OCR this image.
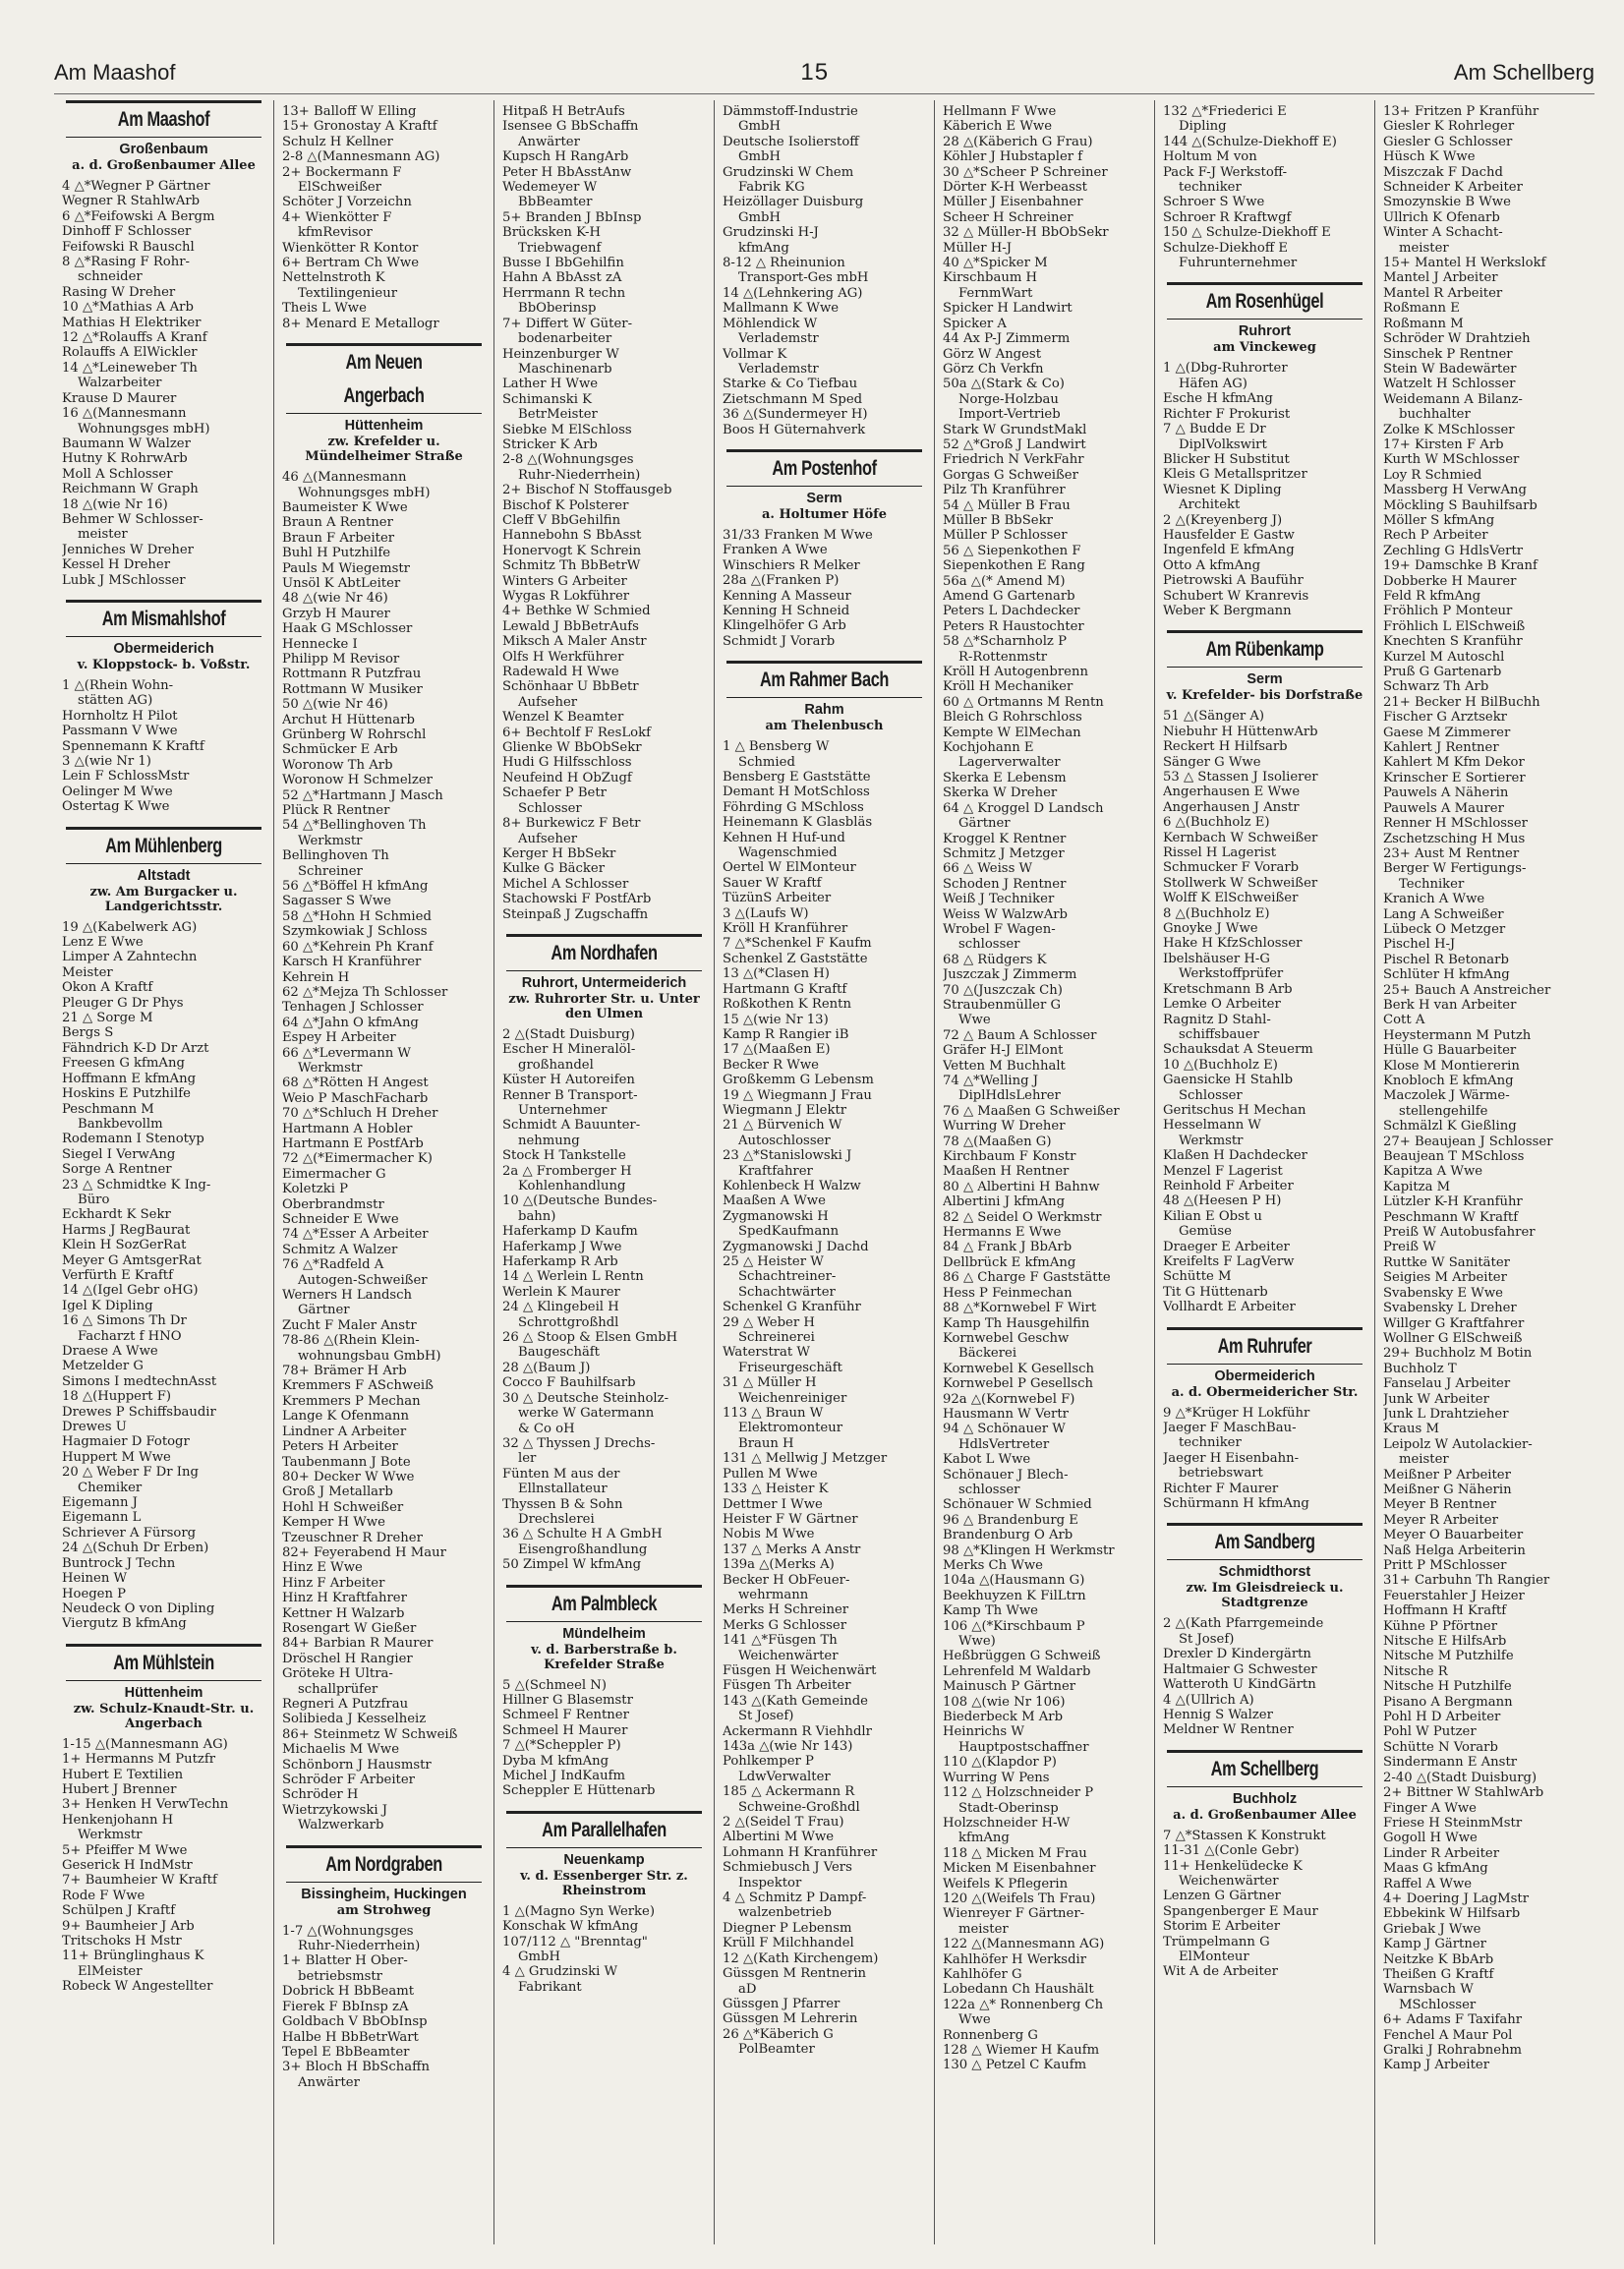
Am Maashof	15	Am Schellberg
Am Maashof
Großenbaum
a. d. Großenbaumer Allee
4 △*Wegner P Gärtner
Wegner R StahlwArb
6 △*Feifowski A Bergm
Dinhoff F Schlosser
Feifowski R Bauschl
8 △*Rasing F Rohr-
schneider
Rasing W Dreher
10 △*Mathias A Arb
Mathias H Elektriker
12 △*Rolauffs A Kranf
Rolauffs A ElWickler
14 △*Leineweber Th
Walzarbeiter
Krause D Maurer
16 △(Mannesmann
Wohnungsges mbH)
Baumann W Walzer
Hutny K RohrwArb
Moll A Schlosser
Reichmann W Graph
18 △(wie Nr 16)
Behmer W Schlosser-
meister
Jenniches W Dreher
Kessel H Dreher
Lubk J MSchlosser
Am Mismahlshof
Obermeiderich
v. Kloppstock- b. Voßstr.
1 △(Rhein Wohn-
stätten AG)
Hornholtz H Pilot
Passmann V Wwe
Spennemann K Kraftf
3 △(wie Nr 1)
Lein F SchlossMstr
Oelinger M Wwe
Ostertag K Wwe
Am Mühlenberg
Altstadt
zw. Am Burgacker u. Landgerichtsstr.
19 △(Kabelwerk AG)
Lenz E Wwe
Limper A Zahntechn
Meister
Okon A Kraftf
Pleuger G Dr Phys
21 △ Sorge M
Bergs S
Fähndrich K-D Dr Arzt
Freesen G kfmAng
Hoffmann E kfmAng
Hoskins E Putzhilfe
Peschmann M
Bankbevollm
Rodemann I Stenotyp
Siegel I VerwAng
Sorge A Rentner
23 △ Schmidtke K Ing-
Büro
Eckhardt K Sekr
Harms J RegBaurat
Klein H SozGerRat
Meyer G AmtsgerRat
Verfürth E Kraftf
14 △(Igel Gebr oHG)
Igel K Dipling
16 △ Simons Th Dr
Facharzt f HNO
Draese A Wwe
Metzelder G
Simons I medtechnAsst
18 △(Huppert F)
Drewes P Schiffsbaudir
Drewes U
Hagmaier D Fotogr
Huppert M Wwe
20 △ Weber F Dr Ing
Chemiker
Eigemann J
Eigemann L
Schriever A Fürsorg
24 △(Schuh Dr Erben)
Buntrock J Techn
Heinen W
Hoegen P
Neudeck O von Dipling
Viergutz B kfmAng
Am Mühlstein
Hüttenheim
zw. Schulz-Knaudt-Str. u. Angerbach
1-15 △(Mannesmann AG)
1+ Hermanns M Putzfr
Hubert E Textilien
Hubert J Brenner
3+ Henken H VerwTechn
Henkenjohann H
Werkmstr
5+ Pfeiffer M Wwe
Geserick H IndMstr
7+ Baumheier W Kraftf
Rode F Wwe
Schülpen J Kraftf
9+ Baumheier J Arb
Tritschoks H Mstr
11+ Brünglinghaus K
ElMeister
Robeck W Angestellter
13+ Balloff W Elling
15+ Gronostay A Kraftf
Schulz H Kellner
2-8 △(Mannesmann AG)
2+ Bockermann F
ElSchweißer
Schöter J Vorzeichn
4+ Wienkötter F
kfmRevisor
Wienkötter R Kontor
6+ Bertram Ch Wwe
Nettelnstroth K
Textilingenieur
Theis L Wwe
8+ Menard E Metallogr
Am Neuen Angerbach
Hüttenheim
zw. Krefelder u. Mündelheimer Straße
46 △(Mannesmann
Wohnungsges mbH)
Baumeister K Wwe
Braun A Rentner
Braun F Arbeiter
Buhl H Putzhilfe
Pauls M Wiegemstr
Unsöl K AbtLeiter
48 △(wie Nr 46)
Grzyb H Maurer
Haak G MSchlosser
Hennecke I
Philipp M Revisor
Rottmann R Putzfrau
Rottmann W Musiker
50 △(wie Nr 46)
Archut H Hüttenarb
Grünberg W Rohrschl
Schmücker E Arb
Woronow Th Arb
Woronow H Schmelzer
52 △*Hartmann J Masch
Plück R Rentner
54 △*Bellinghoven Th
Werkmstr
Bellinghoven Th
Schreiner
56 △*Böffel H kfmAng
Sagasser S Wwe
58 △*Hohn H Schmied
Szymkowiak J Schloss
60 △*Kehrein Ph Kranf
Karsch H Kranführer
Kehrein H
62 △*Mejza Th Schlosser
Tenhagen J Schlosser
64 △*Jahn O kfmAng
Espey H Arbeiter
66 △*Levermann W
Werkmstr
68 △*Rötten H Angest
Weio P MaschFacharb
70 △*Schluch H Dreher
Hartmann A Hobler
Hartmann E PostfArb
72 △(*Eimermacher K)
Eimermacher G
Koletzki P
Oberbrandmstr
Schneider E Wwe
74 △*Esser A Arbeiter
Schmitz A Walzer
76 △*Radfeld A
Autogen-Schweißer
Werners H Landsch
Gärtner
Zucht F Maler Anstr
78-86 △(Rhein Klein-
wohnungsbau GmbH)
78+ Brämer H Arb
Kremmers F ASchweiß
Kremmers P Mechan
Lange K Ofenmann
Lindner A Arbeiter
Peters H Arbeiter
Taubenmann J Bote
80+ Decker W Wwe
Groß J Metallarb
Hohl H Schweißer
Kemper H Wwe
Tzeuschner R Dreher
82+ Feyerabend H Maur
Hinz E Wwe
Hinz F Arbeiter
Hinz H Kraftfahrer
Kettner H Walzarb
Rosengart W Gießer
84+ Barbian R Maurer
Dröschel H Rangier
Gröteke H Ultra-
schallprüfer
Regneri A Putzfrau
Solibieda J Kesselheiz
86+ Steinmetz W Schweiß
Michaelis M Wwe
Schönborn J Hausmstr
Schröder F Arbeiter
Schröder H
Wietrzykowski J
Walzwerkarb
Am Nordgraben
Bissingheim, Huckingen
am Strohweg
1-7 △(Wohnungsges
Ruhr-Niederrhein)
1+ Blatter H Ober-
betriebsmstr
Dobrick H BbBeamt
Fierek F BbInsp zA
Goldbach V BbObInsp
Halbe H BbBetrWart
Tepel E BbBeamter
3+ Bloch H BbSchaffn
Anwärter
Hitpaß H BetrAufs
Isensee G BbSchaffn
Anwärter
Kupsch H RangArb
Peter H BbAsstAnw
Wedemeyer W
BbBeamter
5+ Branden J BbInsp
Brücksken K-H
Triebwagenf
Busse I BbGehilfin
Hahn A BbAsst zA
Herrmann R techn
BbOberinsp
7+ Differt W Güter-
bodenarbeiter
Heinzenburger W
Maschinenarb
Lather H Wwe
Schimanski K
BetrMeister
Siebke M ElSchloss
Stricker K Arb
2-8 △(Wohnungsges
Ruhr-Niederrhein)
2+ Bischof N Stoffausgeb
Bischof K Polsterer
Cleff V BbGehilfin
Hannebohn S BbAsst
Honervogt K Schrein
Schmitz Th BbBetrW
Winters G Arbeiter
Wygas R Lokführer
4+ Bethke W Schmied
Lewald J BbBetrAufs
Miksch A Maler Anstr
Olfs H Werkführer
Radewald H Wwe
Schönhaar U BbBetr
Aufseher
Wenzel K Beamter
6+ Bechtolf F ResLokf
Glienke W BbObSekr
Hudi G Hilfsschloss
Neufeind H ObZugf
Schaefer P Betr
Schlosser
8+ Burkewicz F Betr
Aufseher
Kerger H BbSekr
Kulke G Bäcker
Michel A Schlosser
Stachowski F PostfArb
Steinpaß J Zugschaffn
Am Nordhafen
Ruhrort, Untermeiderich
zw. Ruhrorter Str. u. Unter den Ulmen
2 △(Stadt Duisburg)
Escher H Mineralöl-
großhandel
Küster H Autoreifen
Renner B Transport-
Unternehmer
Schmidt A Bauunter-
nehmung
Stock H Tankstelle
2a △ Fromberger H
Kohlenhandlung
10 △(Deutsche Bundes-
bahn)
Haferkamp D Kaufm
Haferkamp J Wwe
Haferkamp R Arb
14 △ Werlein L Rentn
Werlein K Maurer
24 △ Klingebeil H
Schrottgroßhdl
26 △ Stoop & Elsen GmbH
Baugeschäft
28 △(Baum J)
Cocco F Bauhilfsarb
30 △ Deutsche Steinholz-
werke W Gatermann
& Co oH
32 △ Thyssen J Drechs-
ler
Fünten M aus der
Ellnstallateur
Thyssen B & Sohn
Drechslerei
36 △ Schulte H A GmbH
Eisengroßhandlung
50 Zimpel W kfmAng
Am Palmbleck
Mündelheim
v. d. Barberstraße b. Krefelder Straße
5 △(Schmeel N)
Hillner G Blasemstr
Schmeel F Rentner
Schmeel H Maurer
7 △(*Scheppler P)
Dyba M kfmAng
Michel J IndKaufm
Scheppler E Hüttenarb
Am Parallelhafen
Neuenkamp
v. d. Essenberger Str. z. Rheinstrom
1 △(Magno Syn Werke)
Konschak W kfmAng
107/112 △ "Brenntag"
GmbH
4 △ Grudzinski W
Fabrikant
Dämmstoff-Industrie
GmbH
Deutsche Isolierstoff
GmbH
Grudzinski W Chem
Fabrik KG
Heizöllager Duisburg
GmbH
Grudzinski H-J
kfmAng
8-12 △ Rheinunion
Transport-Ges mbH
14 △(Lehnkering AG)
Mallmann K Wwe
Möhlendick W
Verlademstr
Vollmar K
Verlademstr
Starke & Co Tiefbau
Zietschmann M Sped
36 △(Sundermeyer H)
Boos H Güternahverk
Am Postenhof
Serm
a. Holtumer Höfe
31/33 Franken M Wwe
Franken A Wwe
Winschiers R Melker
28a △(Franken P)
Kenning A Masseur
Kenning H Schneid
Klingelhöfer G Arb
Schmidt J Vorarb
Am Rahmer Bach
Rahm
am Thelenbusch
1 △ Bensberg W
Schmied
Bensberg E Gaststätte
Demant H MotSchloss
Föhrding G MSchloss
Heinemann K Glasbläs
Kehnen H Huf-und
Wagenschmied
Oertel W ElMonteur
Sauer W Kraftf
TüzünS Arbeiter
3 △(Laufs W)
Kröll H Kranführer
7 △*Schenkel F Kaufm
Schenkel Z Gaststätte
13 △(*Clasen H)
Hartmann G Kraftf
Roßkothen K Rentn
15 △(wie Nr 13)
Kamp R Rangier iB
17 △(Maaßen E)
Becker R Wwe
Großkemm G Lebensm
19 △ Wiegmann J Frau
Wiegmann J Elektr
21 △ Bürvenich W
Autoschlosser
23 △*Stanislowski J
Kraftfahrer
Kohlenbeck H Walzw
Maaßen A Wwe
Zygmanowski H
SpedKaufmann
Zygmanowski J Dachd
25 △ Heister W
Schachtreiner-
Schachtwärter
Schenkel G Kranführ
29 △ Weber H
Schreinerei
Waterstrat W
Friseurgeschäft
31 △ Müller H
Weichenreiniger
113 △ Braun W
Elektromonteur
Braun H
131 △ Mellwig J Metzger
Pullen M Wwe
133 △ Heister K
Dettmer I Wwe
Heister F W Gärtner
Nobis M Wwe
137 △ Merks A Anstr
139a △(Merks A)
Becker H ObFeuer-
wehrmann
Merks H Schreiner
Merks G Schlosser
141 △*Füsgen Th
Weichenwärter
Füsgen H Weichenwärt
Füsgen Th Arbeiter
143 △(Kath Gemeinde
St Josef)
Ackermann R Viehhdlr
143a △(wie Nr 143)
Pohlkemper P
LdwVerwalter
185 △ Ackermann R
Schweine-Großhdl
2 △(Seidel T Frau)
Albertini M Wwe
Lohmann H Kranführer
Schmiebusch J Vers
Inspektor
4 △ Schmitz P Dampf-
walzenbetrieb
Diegner P Lebensm
Krüll F Milchhandel
12 △(Kath Kirchengem)
Güssgen M Rentnerin
aD
Güssgen J Pfarrer
Güssgen M Lehrerin
26 △*Käberich G
PolBeamter
Hellmann F Wwe
Käberich E Wwe
28 △(Käberich G Frau)
Köhler J Hubstapler f
30 △*Scheer P Schreiner
Dörter K-H Werbeasst
Müller J Eisenbahner
Scheer H Schreiner
32 △ Müller-H BbObSekr
Müller H-J
40 △*Spicker M
Kirschbaum H
FernmWart
Spicker H Landwirt
Spicker A
44 Ax P-J Zimmerm
Görz W Angest
Görz Ch Verkfn
50a △(Stark & Co)
Norge-Holzbau
Import-Vertrieb
Stark W GrundstMakl
52 △*Groß J Landwirt
Friedrich N VerkFahr
Gorgas G Schweißer
Pilz Th Kranführer
54 △ Müller B Frau
Müller B BbSekr
Müller P Schlosser
56 △ Siepenkothen F
Siepenkothen E Rang
56a △(* Amend M)
Amend G Gartenarb
Peters L Dachdecker
Peters R Haustochter
58 △*Scharnholz P
R-Rottenmstr
Kröll H Autogenbrenn
Kröll H Mechaniker
60 △ Ortmanns M Rentn
Bleich G Rohrschloss
Kempte W ElMechan
Kochjohann E
Lagerverwalter
Skerka E Lebensm
Skerka W Dreher
64 △ Kroggel D Landsch
Gärtner
Kroggel K Rentner
Schmitz J Metzger
66 △ Weiss W
Schoden J Rentner
Weiß J Techniker
Weiss W WalzwArb
Wrobel F Wagen-
schlosser
68 △ Rüdgers K
Juszczak J Zimmerm
70 △(Juszczak Ch)
Straubenmüller G
Wwe
72 △ Baum A Schlosser
Gräfer H-J ElMont
Vetten M Buchhalt
74 △*Welling J
DiplHdlsLehrer
76 △ Maaßen G Schweißer
Wurring W Dreher
78 △(Maaßen G)
Kirchbaum F Konstr
Maaßen H Rentner
80 △ Albertini H Bahnw
Albertini J kfmAng
82 △ Seidel O Werkmstr
Hermanns E Wwe
84 △ Frank J BbArb
Dellbrück E kfmAng
86 △ Charge F Gaststätte
Hess P Feinmechan
88 △*Kornwebel F Wirt
Kamp Th Hausgehilfin
Kornwebel Geschw
Bäckerei
Kornwebel K Gesellsch
Kornwebel P Gesellsch
92a △(Kornwebel F)
Hausmann W Vertr
94 △ Schönauer W
HdlsVertreter
Kabot L Wwe
Schönauer J Blech-
schlosser
Schönauer W Schmied
96 △ Brandenburg E
Brandenburg O Arb
98 △*Klingen H Werkmstr
Merks Ch Wwe
104a △(Hausmann G)
Beekhuyzen K FilLtrn
Kamp Th Wwe
106 △(*Kirschbaum P
Wwe)
Heßbrüggen G Schweiß
Lehrenfeld M Waldarb
Mainusch P Gärtner
108 △(wie Nr 106)
Biederbeck M Arb
Heinrichs W
Hauptpostschaffner
110 △(Klapdor P)
Wurring W Pens
112 △ Holzschneider P
Stadt-Oberinsp
Holzschneider H-W
kfmAng
118 △ Micken M Frau
Micken M Eisenbahner
Weifels K Pflegerin
120 △(Weifels Th Frau)
Wienreyer F Gärtner-
meister
122 △(Mannesmann AG)
Kahlhöfer H Werksdir
Kahlhöfer G
Lobedann Ch Haushält
122a △* Ronnenberg Ch
Wwe
Ronnenberg G
128 △ Wiemer H Kaufm
130 △ Petzel C Kaufm
132 △*Friederici E
Dipling
144 △(Schulze-Diekhoff E)
Holtum M von
Pack F-J Werkstoff-
techniker
Schroer S Wwe
Schroer R Kraftwgf
150 △ Schulze-Diekhoff E
Schulze-Diekhoff E
Fuhrunternehmer
Am Rosenhügel
Ruhrort
am Vinckeweg
1 △(Dbg-Ruhrorter
Häfen AG)
Esche H kfmAng
Richter F Prokurist
7 △ Budde E Dr
DiplVolkswirt
Blicker H Substitut
Kleis G Metallspritzer
Wiesnet K Dipling
Architekt
2 △(Kreyenberg J)
Hausfelder E Gastw
Ingenfeld E kfmAng
Otto A kfmAng
Pietrowski A Bauführ
Schubert W Kranrevis
Weber K Bergmann
Am Rübenkamp
Serm
v. Krefelder- bis Dorfstraße
51 △(Sänger A)
Niebuhr H HüttenwArb
Reckert H Hilfsarb
Sänger G Wwe
53 △ Stassen J Isolierer
Angerhausen E Wwe
Angerhausen J Anstr
6 △(Buchholz E)
Kernbach W Schweißer
Rissel H Lagerist
Schmucker F Vorarb
Stollwerk W Schweißer
Wolff K ElSchweißer
8 △(Buchholz E)
Gnoyke J Wwe
Hake H KfzSchlosser
Ibelshäuser H-G
Werkstoffprüfer
Kretschmann B Arb
Lemke O Arbeiter
Ragnitz D Stahl-
schiffsbauer
Schauksdat A Steuerm
10 △(Buchholz E)
Gaensicke H Stahlb
Schlosser
Geritschus H Mechan
Hesselmann W
Werkmstr
Klaßen H Dachdecker
Menzel F Lagerist
Reinhold F Arbeiter
48 △(Heesen P H)
Kilian E Obst u
Gemüse
Draeger E Arbeiter
Kreifelts F LagVerw
Schütte M
Tit G Hüttenarb
Vollhardt E Arbeiter
Am Ruhrufer
Obermeiderich
a. d. Obermeidericher Str.
9 △*Krüger H Lokführ
Jaeger F MaschBau-
techniker
Jaeger H Eisenbahn-
betriebswart
Richter F Maurer
Schürmann H kfmAng
Am Sandberg
Schmidthorst
zw. Im Gleisdreieck u. Stadtgrenze
2 △(Kath Pfarrgemeinde
St Josef)
Drexler D Kindergärtn
Haltmaier G Schwester
Watteroth U KindGärtn
4 △(Ullrich A)
Hennig S Walzer
Meldner W Rentner
Am Schellberg
Buchholz
a. d. Großenbaumer Allee
7 △*Stassen K Konstrukt
11-31 △(Conle Gebr)
11+ Henkelüdecke K
Weichenwärter
Lenzen G Gärtner
Spangenberger E Maur
Storim E Arbeiter
Trümpelmann G
ElMonteur
Wit A de Arbeiter
13+ Fritzen P Kranführ
Giesler K Rohrleger
Giesler G Schlosser
Hüsch K Wwe
Miszczak F Dachd
Schneider K Arbeiter
Smozynskie B Wwe
Ullrich K Ofenarb
Winter A Schacht-
meister
15+ Mantel H Werkslokf
Mantel J Arbeiter
Mantel R Arbeiter
Roßmann E
Roßmann M
Schröder W Drahtzieh
Sinschek P Rentner
Stein W Badewärter
Watzelt H Schlosser
Weidemann A Bilanz-
buchhalter
Zolke K MSchlosser
17+ Kirsten F Arb
Kurth W MSchlosser
Loy R Schmied
Massberg H VerwAng
Möckling S Bauhilfsarb
Möller S kfmAng
Rech P Arbeiter
Zechling G HdlsVertr
19+ Damschke B Kranf
Dobberke H Maurer
Feld R kfmAng
Fröhlich P Monteur
Fröhlich L ElSchweiß
Knechten S Kranführ
Kurzel M Autoschl
Pruß G Gartenarb
Schwarz Th Arb
21+ Becker H BilBuchh
Fischer G Arztsekr
Gaese M Zimmerer
Kahlert J Rentner
Kahlert M Kfm Dekor
Krinscher E Sortierer
Pauwels A Näherin
Pauwels A Maurer
Renner H MSchlosser
Zschetzsching H Mus
23+ Aust M Rentner
Berger W Fertigungs-
Techniker
Kranich A Wwe
Lang A Schweißer
Lübeck O Metzger
Pischel H-J
Pischel R Betonarb
Schlüter H kfmAng
25+ Bauch A Anstreicher
Berk H van Arbeiter
Cott A
Heystermann M Putzh
Hülle G Bauarbeiter
Klose M Montiererin
Knobloch E kfmAng
Maczolek J Wärme-
stellengehilfe
Schmälzl K Gießling
27+ Beaujean J Schlosser
Beaujean T MSchloss
Kapitza A Wwe
Kapitza M
Lützler K-H Kranführ
Peschmann W Kraftf
Preiß W Autobusfahrer
Preiß W
Ruttke W Sanitäter
Seigies M Arbeiter
Svabensky E Wwe
Svabensky L Dreher
Willger G Kraftfahrer
Wollner G ElSchweiß
29+ Buchholz M Botin
Buchholz T
Fanselau J Arbeiter
Junk W Arbeiter
Junk L Drahtzieher
Kraus M
Leipolz W Autolackier-
meister
Meißner P Arbeiter
Meißner G Näherin
Meyer B Rentner
Meyer R Arbeiter
Meyer O Bauarbeiter
Naß Helga Arbeiterin
Pritt P MSchlosser
31+ Carbuhn Th Rangier
Feuerstahler J Heizer
Hoffmann H Kraftf
Kühne P Pförtner
Nitsche E HilfsArb
Nitsche M Putzhilfe
Nitsche R
Nitsche H Putzhilfe
Pisano A Bergmann
Pohl H D Arbeiter
Pohl W Putzer
Schütte N Vorarb
Sindermann E Anstr
2-40 △(Stadt Duisburg)
2+ Bittner W StahlwArb
Finger A Wwe
Friese H SteinmMstr
Gogoll H Wwe
Linder R Arbeiter
Maas G kfmAng
Raffel A Wwe
4+ Doering J LagMstr
Ebbekink W Hilfsarb
Griebak J Wwe
Kamp J Gärtner
Neitzke K BbArb
Theißen G Kraftf
Warnsbach W
MSchlosser
6+ Adams F Taxifahr
Fenchel A Maur Pol
Gralki J Rohrabnehm
Kamp J Arbeiter
